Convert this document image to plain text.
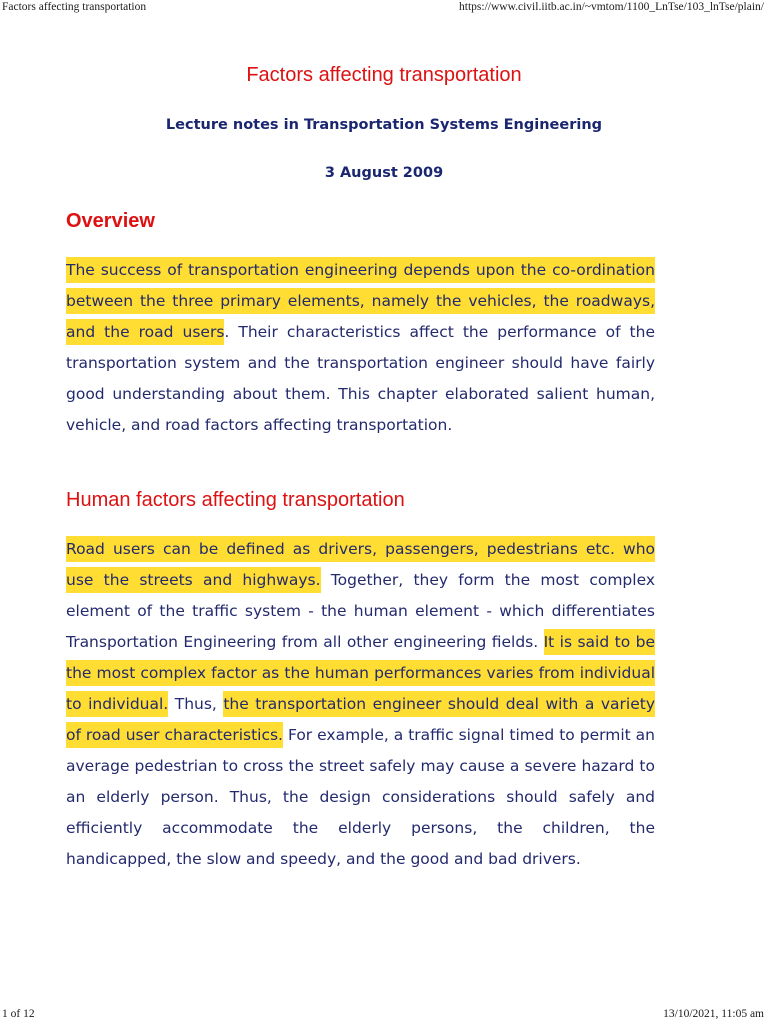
Factors affecting transportation	https://www.civil.iitb.ac.in/~vmtom/1100_LnTse/103_lnTse/plain/
Factors affecting transportation
Lecture notes in Transportation Systems Engineering
3 August 2009
Overview

The success of transportation engineering depends upon the co-ordination between the three primary elements, namely the vehicles, the roadways, and the road users. Their characteristics affect the performance of the transportation system and the transportation engineer should have fairly good understanding about them. This chapter elaborated salient human, vehicle, and road factors affecting transportation.

Human factors affecting transportation

Road users can be defined as drivers, passengers, pedestrians etc. who use the streets and highways. Together, they form the most complex element of the traffic system - the human element - which differentiates Transportation Engineering from all other engineering fields. It is said to be the most complex factor as the human performances varies from individual to individual. Thus, the transportation engineer should deal with a variety of road user characteristics. For example, a traffic signal timed to permit an average pedestrian to cross the street safely may cause a severe hazard to an elderly person. Thus, the design considerations should safely and efficiently accommodate the elderly persons, the children, the handicapped, the slow and speedy, and the good and bad drivers.

1 of 12	13/10/2021, 11:05 am
